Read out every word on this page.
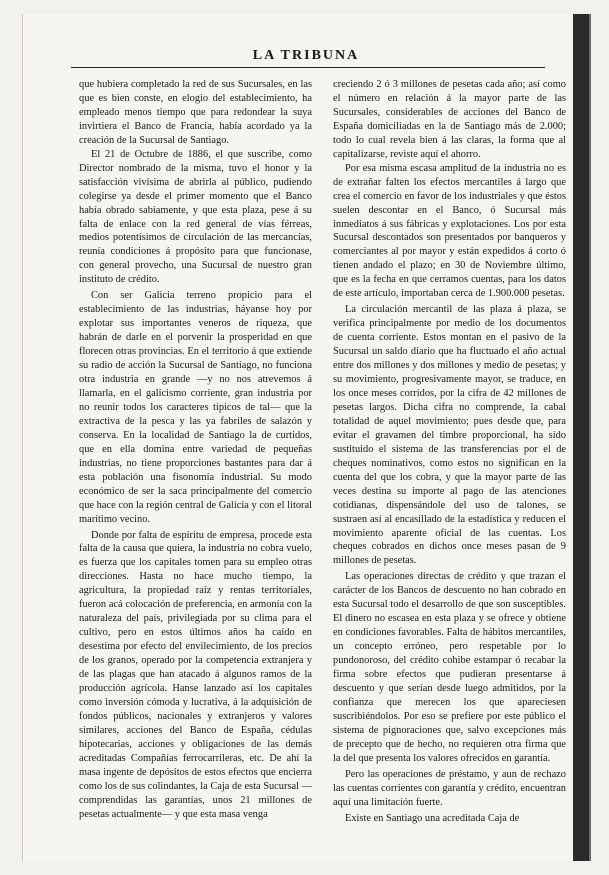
LA TRIBUNA

que hubiera completado la red de sus Sucursales, en las que es bien conste, en elogio del establecimiento, ha empleado menos tiempo que para redondear la suya invirtiera el Banco de Francia, había acordado ya la creación de la Sucursal de Santiago.

El 21 de Octubre de 1886, el que suscribe, como Director nombrado de la misma, tuvo el honor y la satisfacción vivísima de abrirla al público, pudiendo colegirse ya desde el primer momento que el Banco había obrado sabiamente, y que esta plaza, pese á su falta de enlace con la red general de vías férreas, medios potentísimos de circulación de las mercancías, reunía condiciones á propósito para que funcionase, con general provecho, una Sucursal de nuestro gran instituto de crédito.

Con ser Galicia terreno propicio para el establecimiento de las industrias, háyanse hoy por explotar sus importantes veneros de riqueza, que habrán de darle en el porvenir la prosperidad en que florecen otras provincias. En el territorio á que extiende su radio de acción la Sucursal de Santiago, no funciona otra industria en grande —y no nos atrevemos á llamarla, en el galicismo corriente, gran industria por no reunir todos los caracteres típicos de tal— que la extractiva de la pesca y las ya fabriles de salazón y conserva. En la localidad de Santiago la de curtidos, que en ella domina entre variedad de pequeñas industrias, no tiene proporciones bastantes para dar á esta población una fisonomía industrial. Su modo económico de ser la saca principalmente del comercio que hace con la región central de Galicia y con el litoral marítimo vecino.

Donde por falta de espíritu de empresa, procede esta falta de la causa que quiera, la industria no cobra vuelo, es fuerza que los capitales tomen para su empleo otras direcciones. Hasta no hace mucho tiempo, la agricultura, la propiedad raíz y rentas territoriales, fueron acá colocación de preferencia, en armonía con la naturaleza del país, privilegiada por su clima para el cultivo, pero en estos últimos años ha caído en desestima por efecto del envilecimiento, de los precios de los granos, operado por la competencia extranjera y de las plagas que han atacado á algunos ramos de la producción agrícola. Hanse lanzado así los capitales como inversión cómoda y lucrativa, á la adquisición de fondos públicos, nacionales y extranjeros y valores similares, acciones del Banco de España, cédulas hipotecarias, acciones y obligaciones de las demás acreditadas Compañías ferrocarrileras, etc. De ahí la masa ingente de depósitos de estos efectos que encierra como los de sus colindantes, la Caja de esta Sucursal —comprendidas las garantías, unos 21 millones de pesetas actualmente— y que esta masa venga

creciendo 2 ó 3 millones de pesetas cada año; así como el número en relación á la mayor parte de las Sucursales, considerables de acciones del Banco de España domiciliadas en la de Santiago más de 2.000; todo lo cual revela bien á las claras, la forma que al capitalizarse, reviste aquí el ahorro.

Por esa misma escasa amplitud de la industria no es de extrañar falten los efectos mercantiles á largo que crea el comercio en favor de los industriales y que éstos suelen descontar en el Banco, ó Sucursal más inmediatos á sus fábricas y explotaciones. Los por esta Sucursal descontados son presentados por banqueros y comerciantes al por mayor y están expedidos á corto ó tienen andado el plazo; en 30 de Noviembre último, que es la fecha en que cerramos cuentas, para los datos de este artículo, importaban cerca de 1.900.000 pesetas.

La circulación mercantil de las plaza á plaza, se verifica principalmente por medio de los documentos de cuenta corriente. Estos montan en el pasivo de la Sucursal un saldo diario que ha fluctuado el año actual entre dos millones y dos millones y medio de pesetas; y su movimiento, progresivamente mayor, se traduce, en los once meses corridos, por la cifra de 42 millones de pesetas largos. Dicha cifra no comprende, la cabal totalidad de aquel movimiento; pues desde que, para evitar el gravamen del timbre proporcional, ha sido sustituido el sistema de las transferencias por el de cheques nominativos, como estos no significan en la cuenta del que los cobra, y que la mayor parte de las veces destina su importe al pago de las atenciones cotidianas, dispensándole del uso de talones, se sustraen así al encasillado de la estadística y reducen el movimiento aparente oficial de las cuentas. Los cheques cobrados en dichos once meses pasan de 9 millones de pesetas.

Las operaciones directas de crédito y que trazan el carácter de los Bancos de descuento no han cobrado en esta Sucursal todo el desarrollo de que son susceptibles. El dinero no escasea en esta plaza y se ofrece y obtiene en condiciones favorables. Falta de hábitos mercantiles, un concepto erróneo, pero respetable por lo pundonoroso, del crédito cohibe estampar ó recabar la firma sobre efectos que pudieran presentarse á descuento y que serían desde luego admitidos, por la confianza que merecen los que apareciesen suscribiéndolos. Por eso se prefiere por este público el sistema de pignoraciones que, salvo excepciones más de precepto que de hecho, no requieren otra firma que la del que presenta los valores ofrecidos en garantía.

Pero las operaciones de préstamo, y aun de rechazo las cuentas corrientes con garantía y crédito, encuentran aquí una limitación fuerte.

Existe en Santiago una acreditada Caja de
